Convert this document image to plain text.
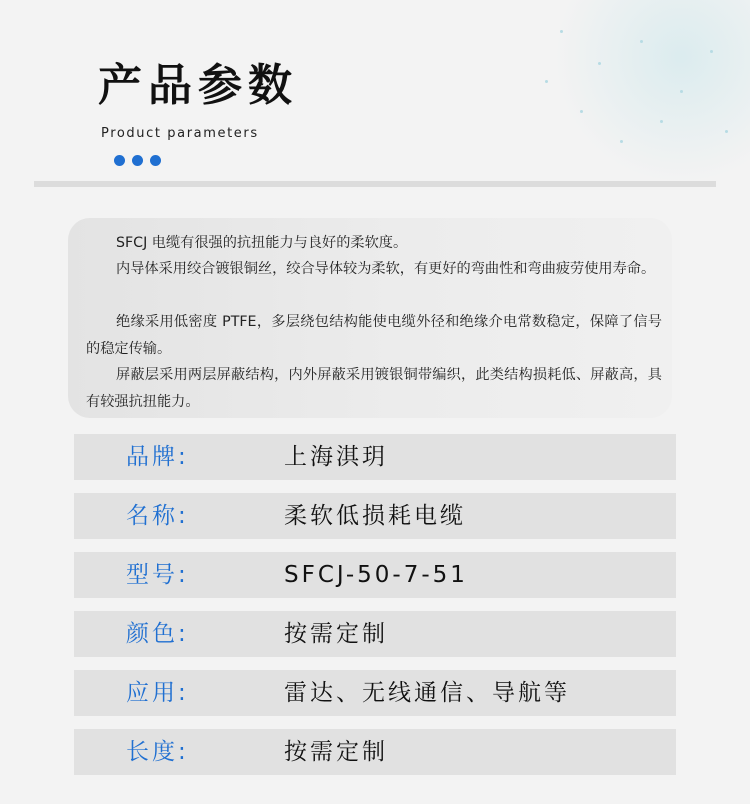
产品参数
Product parameters

SFCJ 电缆有很强的抗扭能力与良好的柔软度。

内导体采用绞合镀银铜丝，绞合导体较为柔软，有更好的弯曲性和弯曲疲劳使用寿命。

绝缘采用低密度 PTFE，多层绕包结构能使电缆外径和绝缘介电常数稳定，保障了信号的稳定传输。

屏蔽层采用两层屏蔽结构，内外屏蔽采用镀银铜带编织，此类结构损耗低、屏蔽高，具有较强抗扭能力。

品牌:	上海淇玥
名称:	柔软低损耗电缆
型号:	SFCJ-50-7-51
颜色:	按需定制
应用:	雷达、无线通信、导航等
长度:	按需定制
